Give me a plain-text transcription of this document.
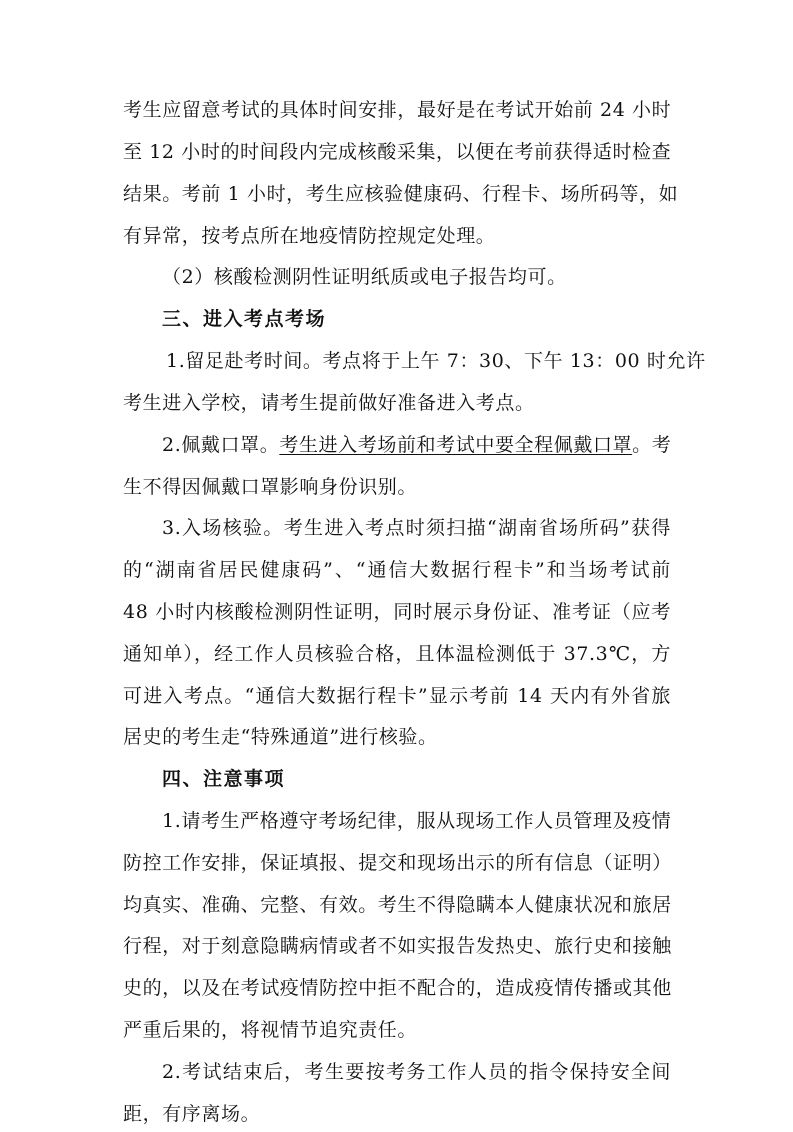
考生应留意考试的具体时间安排，最好是在考试开始前 24 小时
至 12 小时的时间段内完成核酸采集，以便在考前获得适时检查
结果。考前 1 小时，考生应核验健康码、行程卡、场所码等，如
有异常，按考点所在地疫情防控规定处理。
（2）核酸检测阴性证明纸质或电子报告均可。
三、进入考点考场
1.留足赴考时间。考点将于上午 7：30、下午 13：00 时允许
考生进入学校，请考生提前做好准备进入考点。
2.佩戴口罩。考生进入考场前和考试中要全程佩戴口罩。考
生不得因佩戴口罩影响身份识别。
3.入场核验。考生进入考点时须扫描“湖南省场所码”获得
的“湖南省居民健康码”、“通信大数据行程卡”和当场考试前
48 小时内核酸检测阴性证明，同时展示身份证、准考证（应考
通知单），经工作人员核验合格，且体温检测低于 37.3℃，方
可进入考点。“通信大数据行程卡”显示考前 14 天内有外省旅
居史的考生走“特殊通道”进行核验。
四、注意事项
1.请考生严格遵守考场纪律，服从现场工作人员管理及疫情
防控工作安排，保证填报、提交和现场出示的所有信息（证明）
均真实、准确、完整、有效。考生不得隐瞒本人健康状况和旅居
行程，对于刻意隐瞒病情或者不如实报告发热史、旅行史和接触
史的，以及在考试疫情防控中拒不配合的，造成疫情传播或其他
严重后果的，将视情节追究责任。
2.考试结束后，考生要按考务工作人员的指令保持安全间
距，有序离场。
